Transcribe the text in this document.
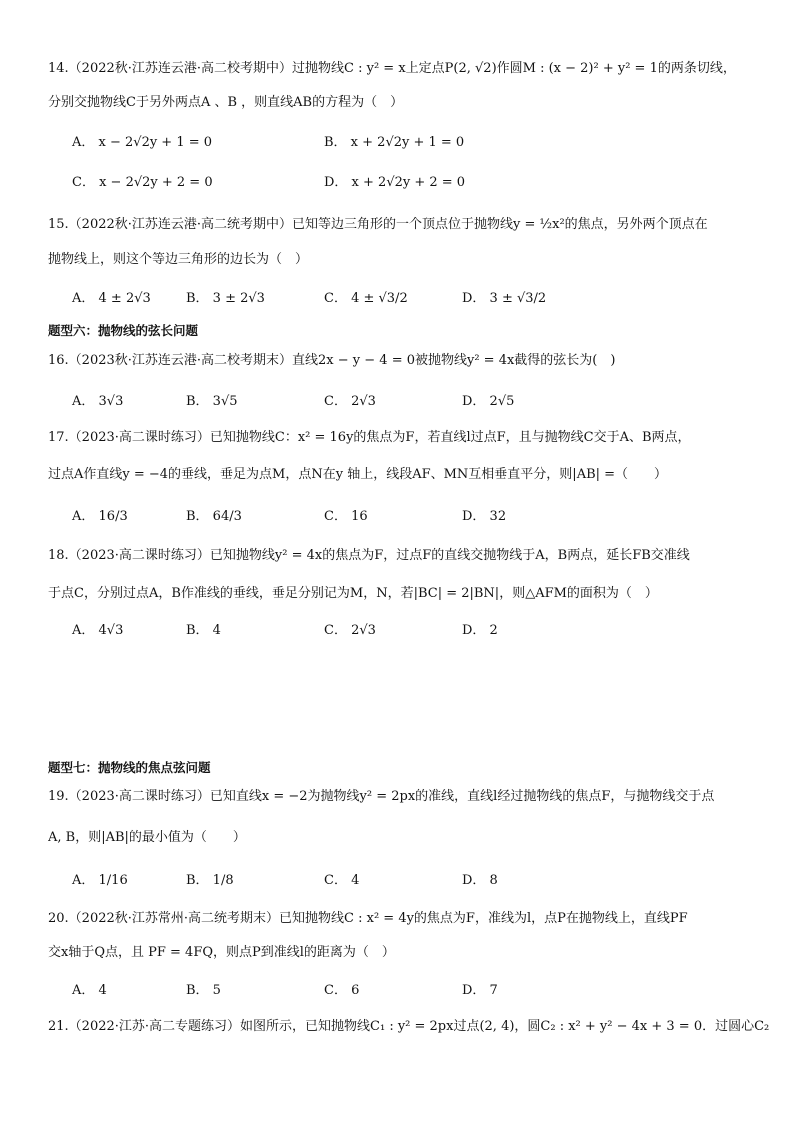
14.（2022秋·江苏连云港·高二校考期中）过抛物线C : y² = x上定点P(2, √2)作圆M : (x − 2)² + y² = 1的两条切线，
分别交抛物线C于另外两点A 、B ，则直线AB的方程为（　）
A． x − 2√2y + 1 = 0	B． x + 2√2y + 1 = 0
C． x − 2√2y + 2 = 0	D． x + 2√2y + 2 = 0
15.（2022秋·江苏连云港·高二统考期中）已知等边三角形的一个顶点位于抛物线y = ½x²的焦点，另外两个顶点在
抛物线上，则这个等边三角形的边长为（　）
A． 4 ± 2√3	B． 3 ± 2√3	C． 4 ± √3/2	D． 3 ± √3/2
题型六：抛物线的弦长问题
16.（2023秋·江苏连云港·高二校考期末）直线2x − y − 4 = 0被抛物线y² = 4x截得的弦长为(　)
A． 3√3	B． 3√5	C． 2√3	D． 2√5
17.（2023·高二课时练习）已知抛物线C：x² = 16y的焦点为F，若直线l过点F，且与抛物线C交于A、B两点，
过点A作直线y = −4的垂线，垂足为点M，点N在y 轴上，线段AF、MN互相垂直平分，则|AB| =（　　）
A． 16/3	B． 64/3	C． 16	D． 32
18.（2023·高二课时练习）已知抛物线y² = 4x的焦点为F，过点F的直线交抛物线于A，B两点，延长FB交准线
于点C，分别过点A，B作准线的垂线，垂足分别记为M，N，若|BC| = 2|BN|，则△AFM的面积为（　）
A． 4√3	B． 4	C． 2√3	D． 2
题型七：抛物线的焦点弦问题
19.（2023·高二课时练习）已知直线x = −2为抛物线y² = 2px的准线，直线l经过抛物线的焦点F，与抛物线交于点
A, B，则|AB|的最小值为（　　）
A． 1/16	B． 1/8	C． 4	D． 8
20.（2022秋·江苏常州·高二统考期末）已知抛物线C : x² = 4y的焦点为F，准线为l，点P在抛物线上，直线PF
交x轴于Q点，且 PF = 4FQ，则点P到准线l的距离为（　）
A． 4	B． 5	C． 6	D． 7
21.（2022·江苏·高二专题练习）如图所示，已知抛物线C₁ : y² = 2px过点(2, 4)，圆C₂ : x² + y² − 4x + 3 = 0．过圆心C₂
